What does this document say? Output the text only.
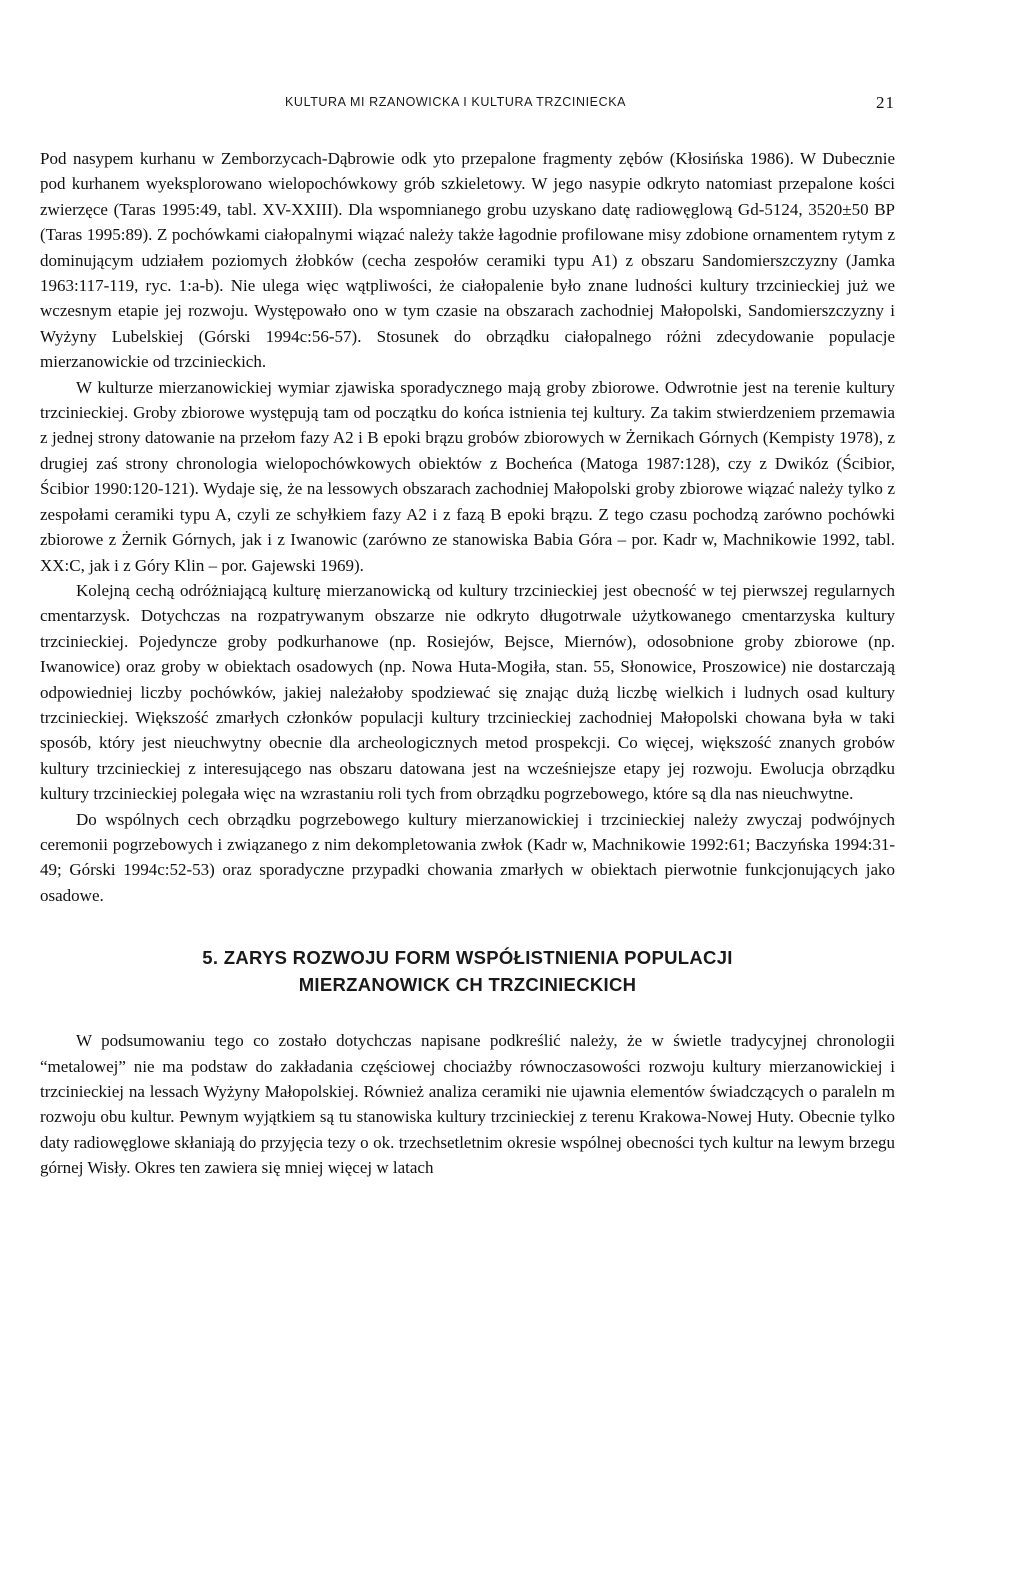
KULTURA MI RZANOWICKA I KULTURA TRZCINIECKA	21

Pod nasypem kurhanu w Zemborzycach-Dąbrowie odk yto przepalone fragmenty zębów (Kłosińska 1986). W Dubecznie pod kurhanem wyeksplorowano wielopochówkowy grób szkieletowy. W jego nasypie odkryto natomiast przepalone kości zwierzęce (Taras 1995:49, tabl. XV-XXIII). Dla wspomnianego grobu uzyskano datę radiowęglową Gd-5124, 3520±50 BP (Taras 1995:89). Z pochówkami ciałopalnymi wiązać należy także łagodnie profilowane misy zdobione ornamentem rytym z dominującym udziałem poziomych żłobków (cecha zespołów ceramiki typu A1) z obszaru Sandomierszczyzny (Jamka 1963:117-119, ryc. 1:a-b). Nie ulega więc wątpliwości, że ciałopalenie było znane ludności kultury trzcinieckiej już we wczesnym etapie jej rozwoju. Występowało ono w tym czasie na obszarach zachodniej Małopolski, Sandomierszczyzny i Wyżyny Lubelskiej (Górski 1994c:56-57). Stosunek do obrządku ciałopalnego różni zdecydowanie populacje mierzanowickie od trzcinieckich.

W kulturze mierzanowickiej wymiar zjawiska sporadycznego mają groby zbiorowe. Odwrotnie jest na terenie kultury trzcinieckiej. Groby zbiorowe występują tam od początku do końca istnienia tej kultury. Za takim stwierdzeniem przemawia z jednej strony datowanie na przełom fazy A2 i B epoki brązu grobów zbiorowych w Żernikach Górnych (Kempisty 1978), z drugiej zaś strony chronologia wielopochówkowych obiektów z Bocheńca (Matoga 1987:128), czy z Dwikóz (Ścibior, Ścibior 1990:120-121). Wydaje się, że na lessowych obszarach zachodniej Małopolski groby zbiorowe wiązać należy tylko z zespołami ceramiki typu A, czyli ze schyłkiem fazy A2 i z fazą B epoki brązu. Z tego czasu pochodzą zarówno pochówki zbiorowe z Żernik Górnych, jak i z Iwanowic (zarówno ze stanowiska Babia Góra – por. Kadr w, Machnikowie 1992, tabl. XX:C, jak i z Góry Klin – por. Gajewski 1969).

Kolejną cechą odróżniającą kulturę mierzanowicką od kultury trzcinieckiej jest obecność w tej pierwszej regularnych cmentarzysk. Dotychczas na rozpatrywanym obszarze nie odkryto długotrwale użytkowanego cmentarzyska kultury trzcinieckiej. Pojedyncze groby podkurhanowe (np. Rosiejów, Bejsce, Miernów), odosobnione groby zbiorowe (np. Iwanowice) oraz groby w obiektach osadowych (np. Nowa Huta-Mogiła, stan. 55, Słonowice, Proszowice) nie dostarczają odpowiedniej liczby pochówków, jakiej należałoby spodziewać się znając dużą liczbę wielkich i ludnych osad kultury trzcinieckiej. Większość zmarłych członków populacji kultury trzcinieckiej zachodniej Małopolski chowana była w taki sposób, który jest nieuchwytny obecnie dla archeologicznych metod prospekcji. Co więcej, większość znanych grobów kultury trzcinieckiej z interesującego nas obszaru datowana jest na wcześniejsze etapy jej rozwoju. Ewolucja obrządku kultury trzcinieckiej polegała więc na wzrastaniu roli tych from obrządku pogrzebowego, które są dla nas nieuchwytne.

Do wspólnych cech obrządku pogrzebowego kultury mierzanowickiej i trzcinieckiej należy zwyczaj podwójnych ceremonii pogrzebowych i związanego z nim dekompletowania zwłok (Kadr w, Machnikowie 1992:61; Baczyńska 1994:31-49; Górski 1994c:52-53) oraz sporadyczne przypadki chowania zmarłych w obiektach pierwotnie funkcjonujących jako osadowe.

5. ZARYS ROZWOJU FORM WSPÓŁISTNIENIA POPULACJI
MIERZANOWICK CH TRZCINIECKICH

W podsumowaniu tego co zostało dotychczas napisane podkreślić należy, że w świetle tradycyjnej chronologii “metalowej” nie ma podstaw do zakładania częściowej chociażby równoczasowości rozwoju kultury mierzanowickiej i trzcinieckiej na lessach Wyżyny Małopolskiej. Również analiza ceramiki nie ujawnia elementów świadczących o paraleln m rozwoju obu kultur. Pewnym wyjątkiem są tu stanowiska kultury trzcinieckiej z terenu Krakowa-Nowej Huty. Obecnie tylko daty radiowęglowe skłaniają do przyjęcia tezy o ok. trzechsetletnim okresie wspólnej obecności tych kultur na lewym brzegu górnej Wisły. Okres ten zawiera się mniej więcej w latach
